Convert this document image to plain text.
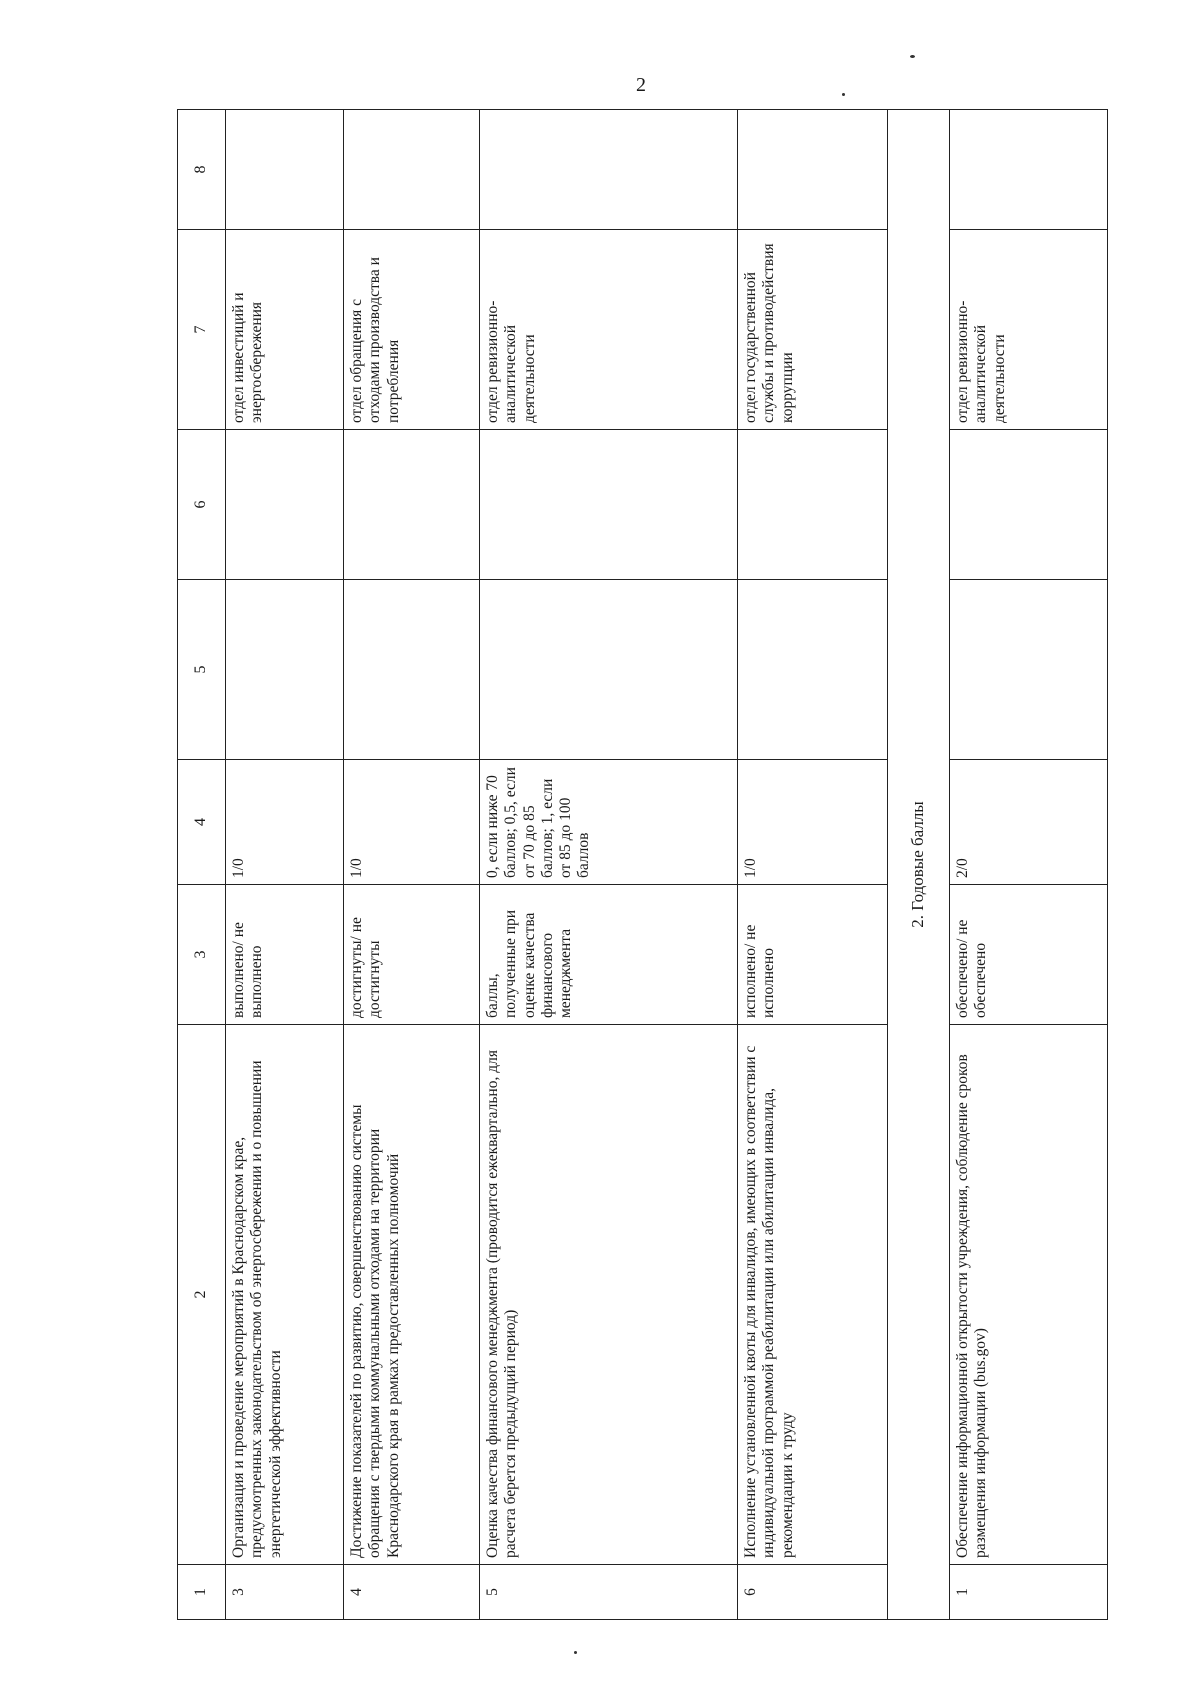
2
1	2	3	4	5	6	7	8
3	Организация и проведение мероприятий в Краснодарском крае, предусмотренных законодательством об энергосбережении и о повышении энергетической эффективности	выполнено/ не выполнено	1/0			отдел инвестиций и энергосбережения	
4	Достижение показателей по развитию, совершенствованию системы обращения с твердыми коммунальными отходами на территории Краснодарского края в рамках предоставленных полномочий	достигнуты/ не достигнуты	1/0			отдел обращения с отходами производства и потребления	
5	Оценка качества финансового менеджмента (проводится ежеквартально, для расчета берется предыдущий период)	баллы, полученные при оценке качества финансового менеджмента	0, если ниже 70 баллов; 0,5, если от 70 до 85 баллов; 1, если от 85 до 100 баллов			отдел ревизионно-аналитической деятельности	
6	Исполнение установленной квоты для инвалидов, имеющих в соответствии с индивидуальной программой реабилитации или абилитации инвалида, рекомендации к труду	исполнено/ не исполнено	1/0			отдел государственной службы и противодействия коррупции	
2. Годовые баллы							
1	Обеспечение информационной открытости учреждения, соблюдение сроков размещения информации (bus.gov)	обеспечено/ не обеспечено	2/0			отдел ревизионно-аналитической деятельности	
